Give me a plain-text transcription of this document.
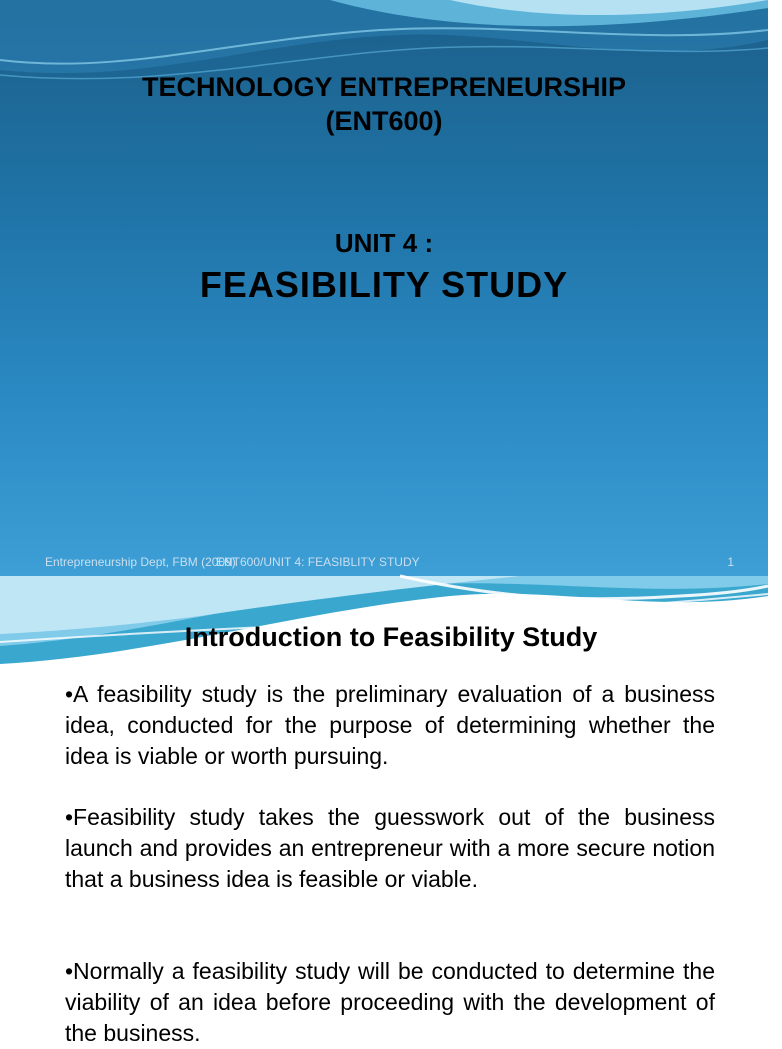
TECHNOLOGY ENTREPRENEURSHIP
(ENT600)
UNIT 4 :
FEASIBILITY STUDY
Entrepreneurship Dept, FBM (2009)
ENT600/UNIT 4: FEASIBLITY STUDY	1
Introduction to Feasibility Study
•A feasibility study is the preliminary evaluation of a business idea, conducted for the purpose of determining whether the idea is viable or worth pursuing.
•Feasibility study takes the guesswork out of the business launch and provides an entrepreneur with a more secure notion that a business idea is feasible or viable.
•Normally a feasibility study will be conducted to determine the viability of an idea before proceeding with the development of the business.
